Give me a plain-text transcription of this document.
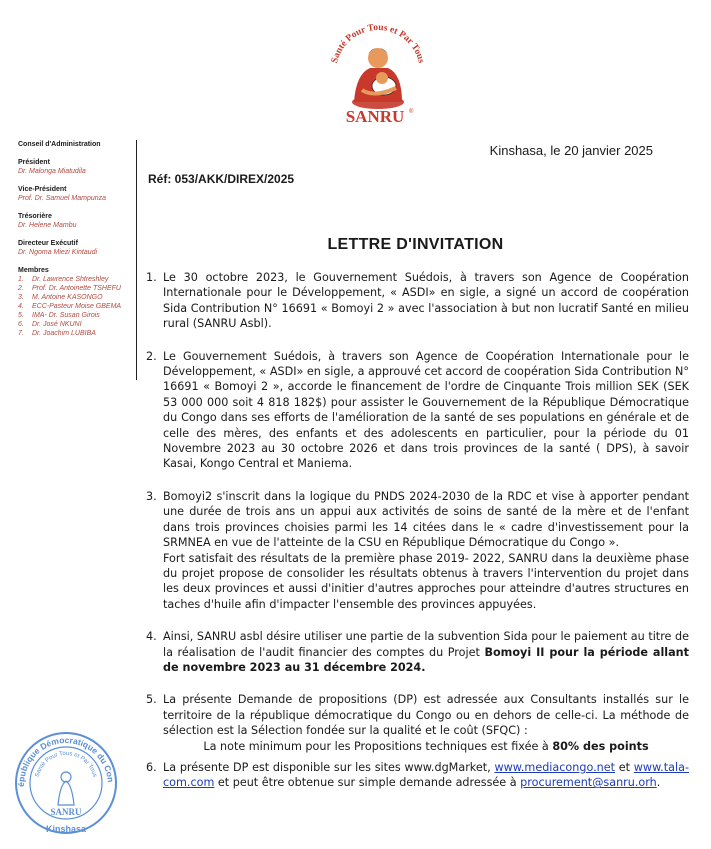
Santé Pour Tous et Par Tous
SANRU ®
Conseil d'Administration
Président
Dr. Malonga Miatudila
Vice-Président
Prof. Dr. Samuel Mampunza
Trésorière
Dr. Helene Mambu
Directeur Exécutif
Dr. Ngoma Miezi Kintaudi
Membres
1. Dr. Lawrence Shtreshley
2. Prof. Dr. Antoinette TSHEFU
3. M. Antoine KASONGO
4. ECC-Pasteur Moise GBEMA
5. IMA- Dr. Susan Girois
6. Dr. José NKUNI
7. Dr. Joachim LUBIBA
Kinshasa, le 20 janvier 2025
Réf: 053/AKK/DIREX/2025
LETTRE D'INVITATION
1. Le 30 octobre 2023, le Gouvernement Suédois, à travers son Agence de Coopération Internationale pour le Développement, « ASDI» en sigle, a signé un accord de coopération Sida Contribution N° 16691 « Bomoyi 2 » avec l'association à but non lucratif Santé en milieu rural (SANRU Asbl).
2. Le Gouvernement Suédois, à travers son Agence de Coopération Internationale pour le Développement, « ASDI» en sigle, a approuvé cet accord de coopération Sida Contribution N° 16691 « Bomoyi 2 », accorde le financement de l'ordre de Cinquante Trois million SEK (SEK 53 000 000 soit 4 818 182$) pour assister le Gouvernement de la République Démocratique du Congo dans ses efforts de l'amélioration de la santé de ses populations en générale et de celle des mères, des enfants et des adolescents en particulier, pour la période du 01 Novembre 2023 au 30 octobre 2026 et dans trois provinces de la santé ( DPS), à savoir Kasai, Kongo Central et Maniema.
3. Bomoyi2 s'inscrit dans la logique du PNDS 2024-2030 de la RDC et vise à apporter pendant une durée de trois ans un appui aux activités de soins de santé de la mère et de l'enfant dans trois provinces choisies parmi les 14 citées dans le « cadre d'investissement pour la SRMNEA en vue de l'atteinte de la CSU en République Démocratique du Congo ».

Fort satisfait des résultats de la première phase 2019- 2022, SANRU dans la deuxième phase du projet propose de consolider les résultats obtenus à travers l'intervention du projet dans les deux provinces et aussi d'initier d'autres approches pour atteindre d'autres structures en taches d'huile afin d'impacter l'ensemble des provinces appuyées.

4. Ainsi, SANRU asbl désire utiliser une partie de la subvention Sida pour le paiement au titre de la réalisation de l'audit financier des comptes du Projet Bomoyi II pour la période allant de novembre 2023 au 31 décembre 2024.
5. La présente Demande de propositions (DP) est adressée aux Consultants installés sur le territoire de la république démocratique du Congo ou en dehors de celle-ci. La méthode de sélection est la Sélection fondée sur la qualité et le coût (SFQC) :

La note minimum pour les Propositions techniques est fixée à 80% des points

6. La présente DP est disponible sur les sites www.dgMarket, www.mediacongo.net et www.tala-com.com et peut être obtenue sur simple demande adressée à procurement@sanru.orh.
épublique Démocratique du Con
Santé Pour Tous et Par Tous
SANRU
Kinshasa
